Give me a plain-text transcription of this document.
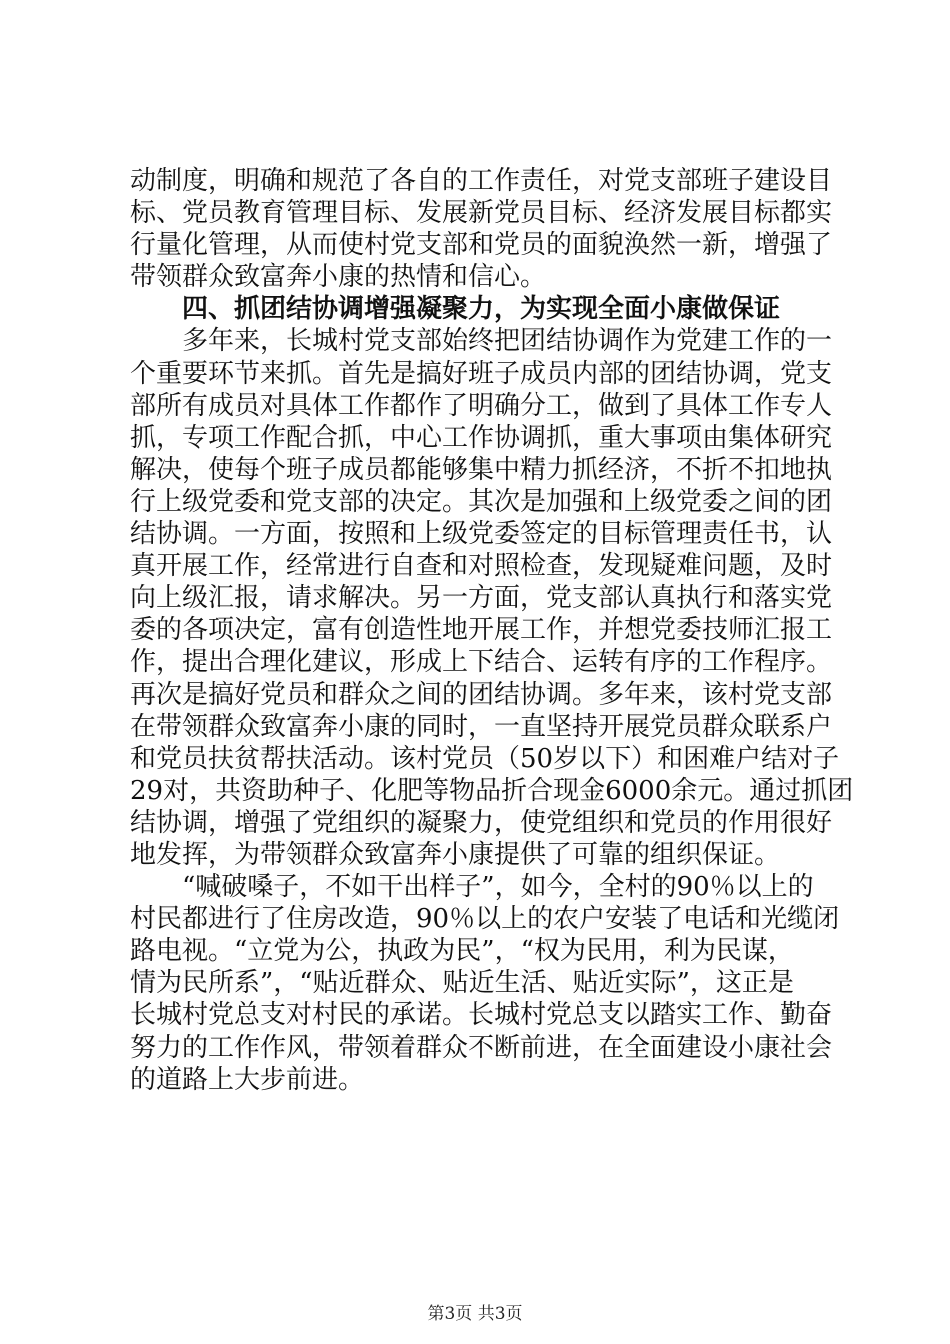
动制度，明确和规范了各自的工作责任，对党支部班子建设目
标、党员教育管理目标、发展新党员目标、经济发展目标都实
行量化管理，从而使村党支部和党员的面貌涣然一新，增强了
带领群众致富奔小康的热情和信心。
四、抓团结协调增强凝聚力，为实现全面小康做保证
多年来，长城村党支部始终把团结协调作为党建工作的一
个重要环节来抓。首先是搞好班子成员内部的团结协调，党支
部所有成员对具体工作都作了明确分工，做到了具体工作专人
抓，专项工作配合抓，中心工作协调抓，重大事项由集体研究
解决，使每个班子成员都能够集中精力抓经济，不折不扣地执
行上级党委和党支部的决定。其次是加强和上级党委之间的团
结协调。一方面，按照和上级党委签定的目标管理责任书，认
真开展工作，经常进行自查和对照检查，发现疑难问题，及时
向上级汇报，请求解决。另一方面，党支部认真执行和落实党
委的各项决定，富有创造性地开展工作，并想党委技师汇报工
作，提出合理化建议，形成上下结合、运转有序的工作程序。
再次是搞好党员和群众之间的团结协调。多年来，该村党支部
在带领群众致富奔小康的同时，一直坚持开展党员群众联系户
和党员扶贫帮扶活动。该村党员（50岁以下）和困难户结对子
29对，共资助种子、化肥等物品折合现金6000余元。通过抓团
结协调，增强了党组织的凝聚力，使党组织和党员的作用很好
地发挥，为带领群众致富奔小康提供了可靠的组织保证。
“喊破嗓子，不如干出样子”，如今，全村的90％以上的
村民都进行了住房改造，90％以上的农户安装了电话和光缆闭
路电视。“立党为公，执政为民”，“权为民用，利为民谋，
情为民所系”，“贴近群众、贴近生活、贴近实际”，这正是
长城村党总支对村民的承诺。长城村党总支以踏实工作、勤奋
努力的工作作风，带领着群众不断前进，在全面建设小康社会
的道路上大步前进。
第3页 共3页
